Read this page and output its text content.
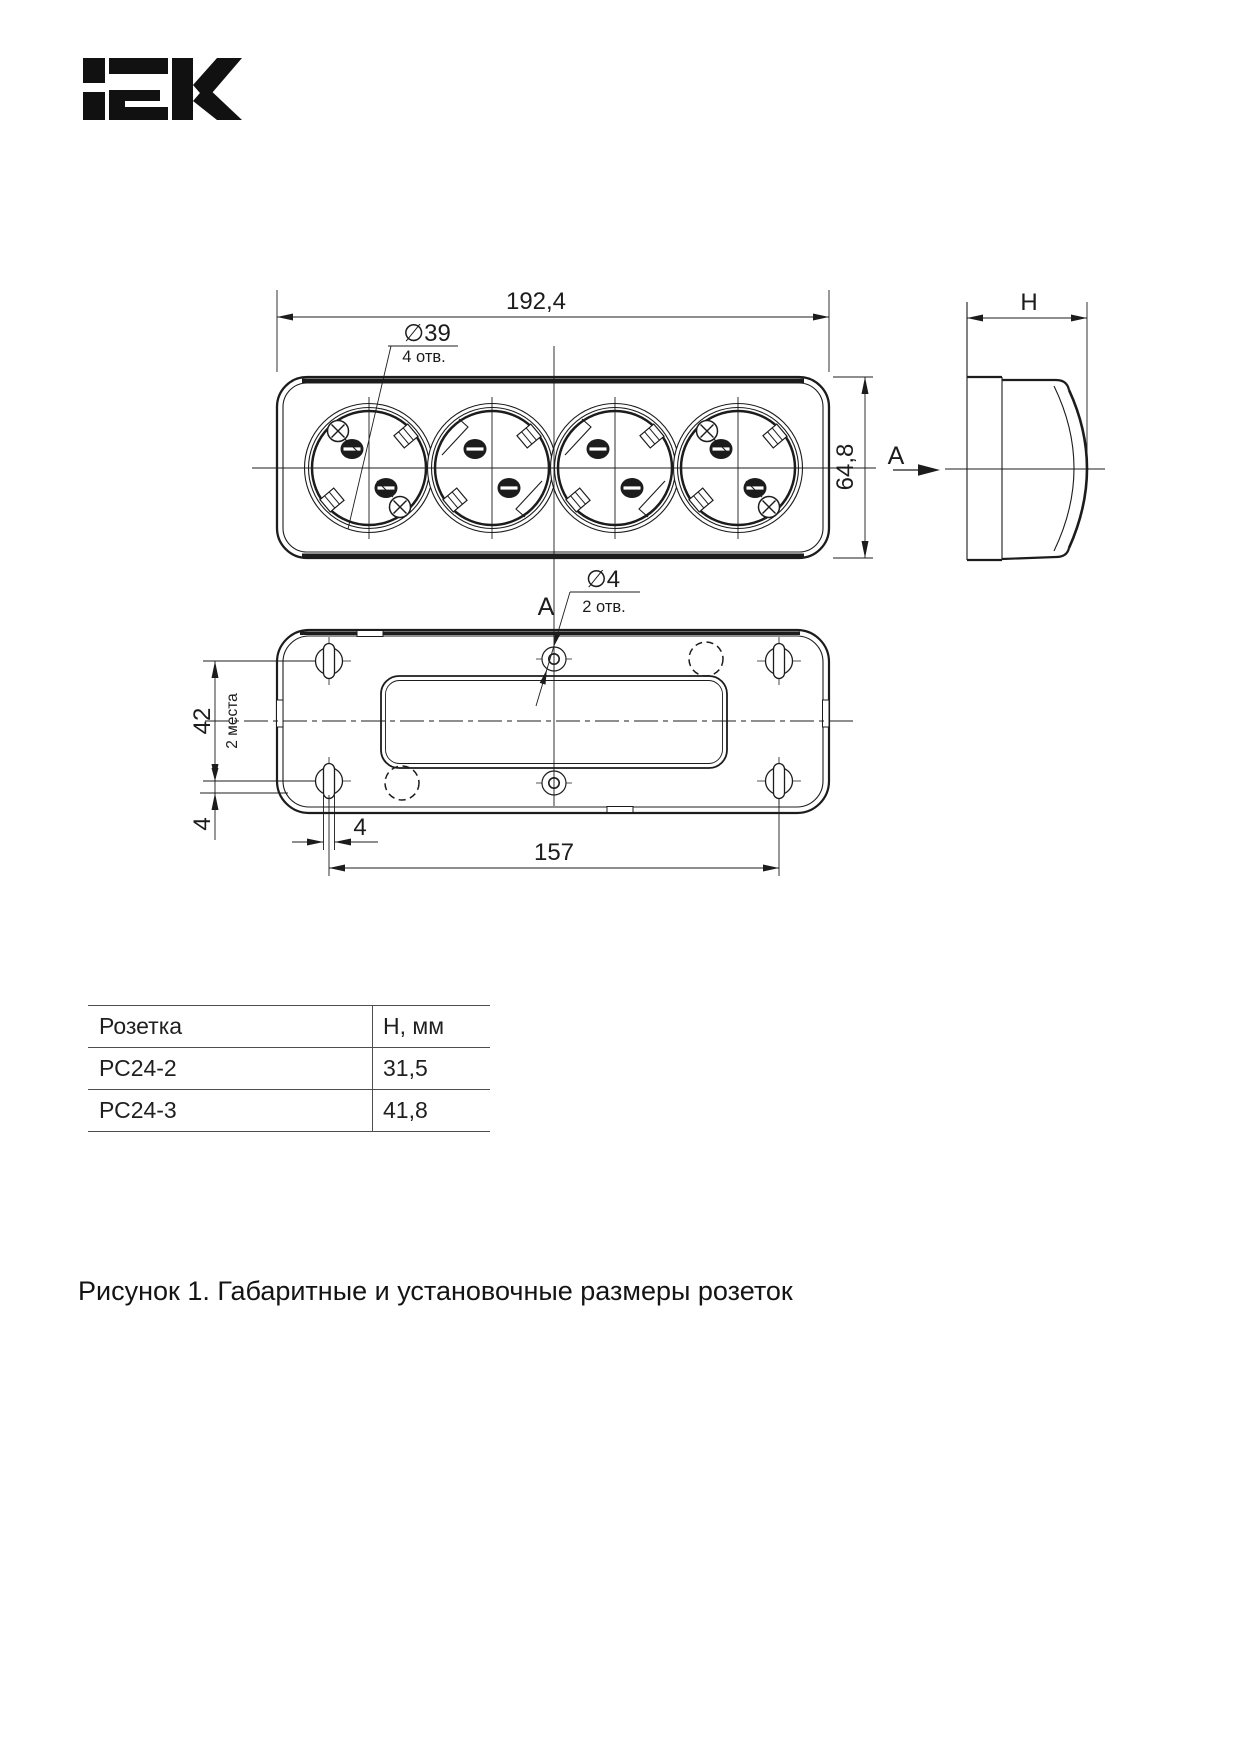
192,4
∅39
4 отв.
64,8 A
H
A
∅4
2 отв.
42 2 места
4	4
157
Розетка	Н, мм
РС24-2	31,5
РС24-3	41,8

Рисунок 1. Габаритные и установочные размеры розеток
